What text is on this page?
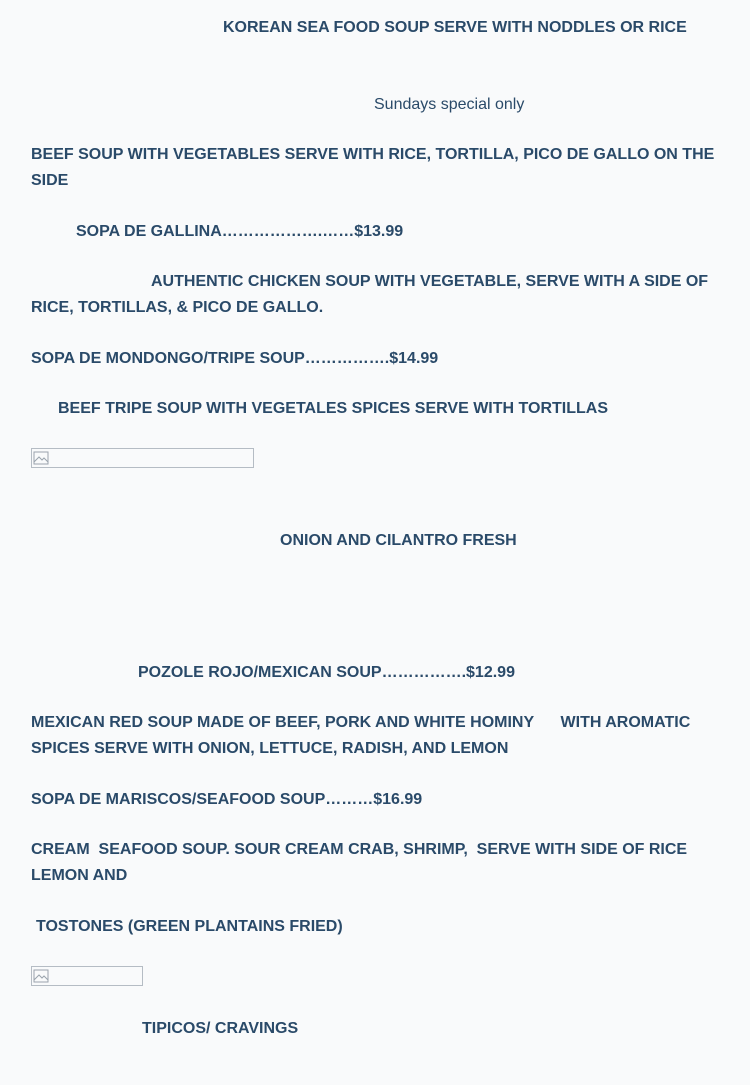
KOREAN SEA FOOD SOUP SERVE WITH NODDLES OR RICE

Sundays special only

BEEF SOUP WITH VEGETABLES SERVE WITH RICE, TORTILLA, PICO DE GALLO ON THE SIDE

SOPA DE GALLINA……………….……$13.99

AUTHENTIC CHICKEN SOUP WITH VEGETABLE, SERVE WITH A SIDE OF RICE, TORTILLAS, & PICO DE GALLO.

SOPA DE MONDONGO/TRIPE SOUP…………….$14.99

BEEF TRIPE SOUP WITH VEGETALES SPICES SERVE WITH TORTILLAS

ONION AND CILANTRO FRESH

POZOLE ROJO/MEXICAN SOUP…………….$12.99

MEXICAN RED SOUP MADE OF BEEF, PORK AND WHITE HOMINY      WITH AROMATIC SPICES SERVE WITH ONION, LETTUCE, RADISH, AND LEMON

SOPA DE MARISCOS/SEAFOOD SOUP………$16.99

CREAM  SEAFOOD SOUP. SOUR CREAM CRAB, SHRIMP,  SERVE WITH SIDE OF RICE LEMON AND

TOSTONES (GREEN PLANTAINS FRIED)

TIPICOS/ CRAVINGS
